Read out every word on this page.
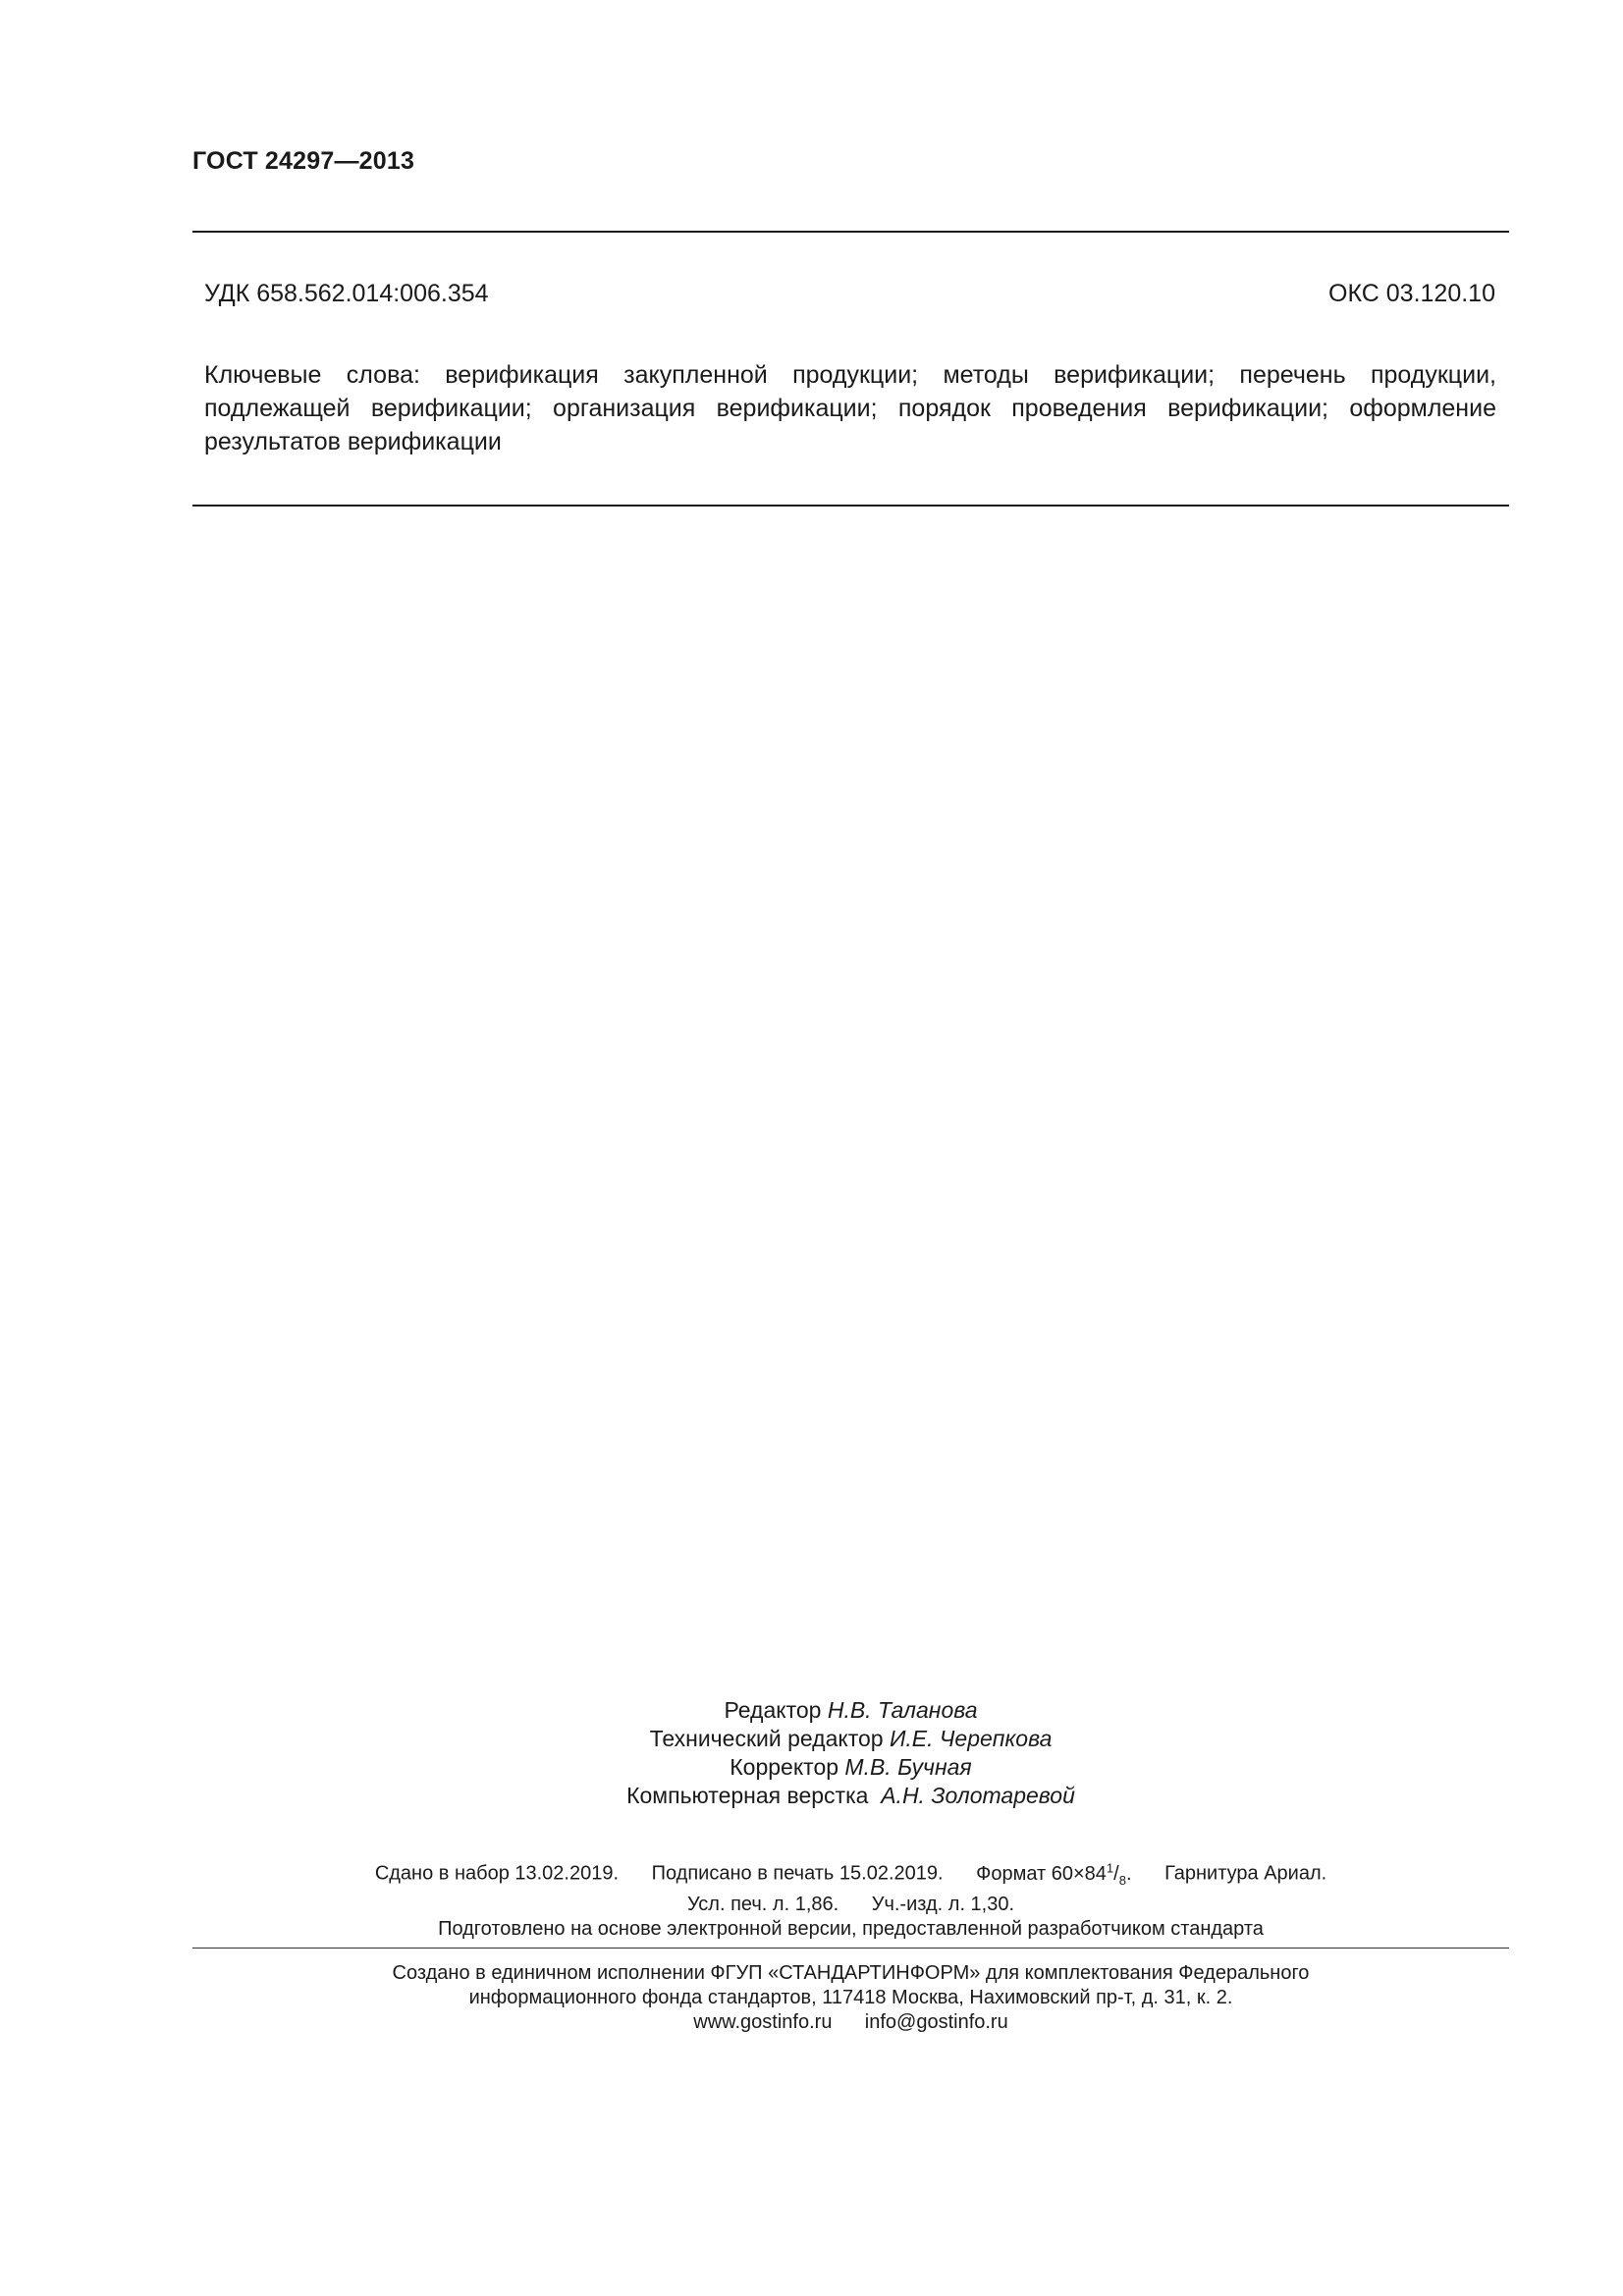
ГОСТ 24297—2013
УДК 658.562.014:006.354	ОКС 03.120.10
Ключевые слова: верификация закупленной продукции; методы верификации; перечень продукции, подлежащей верификации; организация верификации; порядок проведения верификации; оформление результатов верификации
Редактор Н.В. Таланова
Технический редактор И.Е. Черепкова
Корректор М.В. Бучная
Компьютерная верстка А.Н. Золотаревой
Сдано в набор 13.02.2019. Подписано в печать 15.02.2019. Формат $60\times 84^1/_8$. Гарнитура Ариал.
Усл. печ. л. 1,86. Уч.-изд. л. 1,30.
Подготовлено на основе электронной версии, предоставленной разработчиком стандарта
Создано в единичном исполнении ФГУП «СТАНДАРТИНФОРМ» для комплектования Федерального
информационного фонда стандартов, 117418 Москва, Нахимовский пр-т, д. 31, к. 2.
www.gostinfo.ru info@gostinfo.ru
